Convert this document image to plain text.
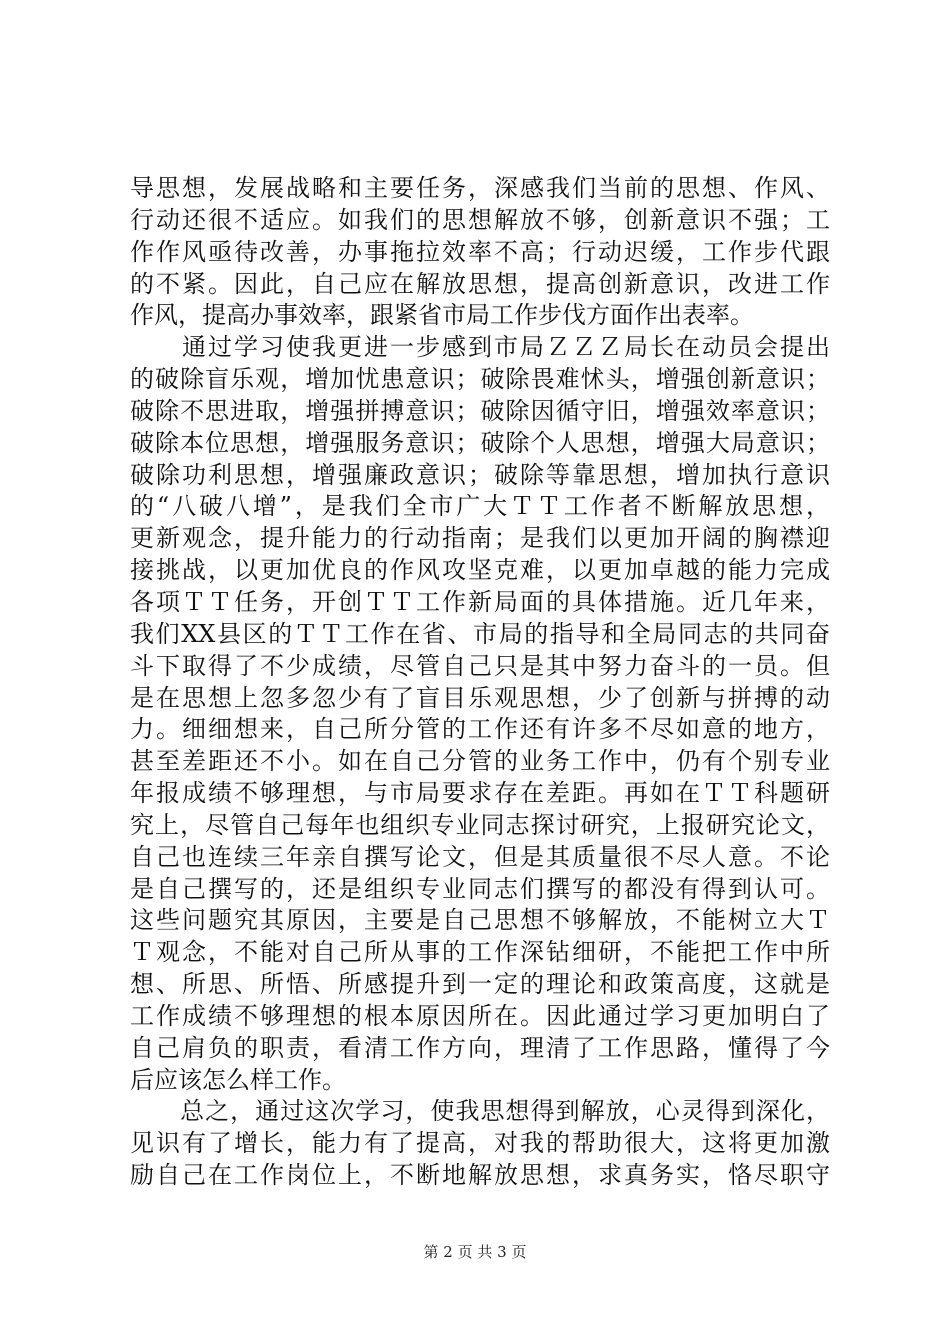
导思想，发展战略和主要任务，深感我们当前的思想、作风、
行动还很不适应。如我们的思想解放不够，创新意识不强；工
作作风亟待改善，办事拖拉效率不高；行动迟缓，工作步代跟
的不紧。因此，自己应在解放思想，提高创新意识，改进工作
作风，提高办事效率，跟紧省市局工作步伐方面作出表率。
　　通过学习使我更进一步感到市局ＺＺＺ局长在动员会提出
的破除盲乐观，增加忧患意识；破除畏难怵头，增强创新意识；
破除不思进取，增强拼搏意识；破除因循守旧，增强效率意识；
破除本位思想，增强服务意识；破除个人思想，增强大局意识；
破除功利思想，增强廉政意识；破除等靠思想，增加执行意识
的“八破八增”，是我们全市广大ＴＴ工作者不断解放思想，
更新观念，提升能力的行动指南；是我们以更加开阔的胸襟迎
接挑战，以更加优良的作风攻坚克难，以更加卓越的能力完成
各项ＴＴ任务，开创ＴＴ工作新局面的具体措施。近几年来，
我们XX县区的ＴＴ工作在省、市局的指导和全局同志的共同奋
斗下取得了不少成绩，尽管自己只是其中努力奋斗的一员。但
是在思想上忽多忽少有了盲目乐观思想，少了创新与拼搏的动
力。细细想来，自己所分管的工作还有许多不尽如意的地方，
甚至差距还不小。如在自己分管的业务工作中，仍有个别专业
年报成绩不够理想，与市局要求存在差距。再如在ＴＴ科题研
究上，尽管自己每年也组织专业同志探讨研究，上报研究论文，
自己也连续三年亲自撰写论文，但是其质量很不尽人意。不论
是自己撰写的，还是组织专业同志们撰写的都没有得到认可。
这些问题究其原因，主要是自己思想不够解放，不能树立大Ｔ
Ｔ观念，不能对自己所从事的工作深钻细研，不能把工作中所
想、所思、所悟、所感提升到一定的理论和政策高度，这就是
工作成绩不够理想的根本原因所在。因此通过学习更加明白了
自己肩负的职责，看清工作方向，理清了工作思路，懂得了今
后应该怎么样工作。
　　总之，通过这次学习，使我思想得到解放，心灵得到深化，
见识有了增长，能力有了提高，对我的帮助很大，这将更加激
励自己在工作岗位上，不断地解放思想，求真务实，恪尽职守
第 2 页 共 3 页
